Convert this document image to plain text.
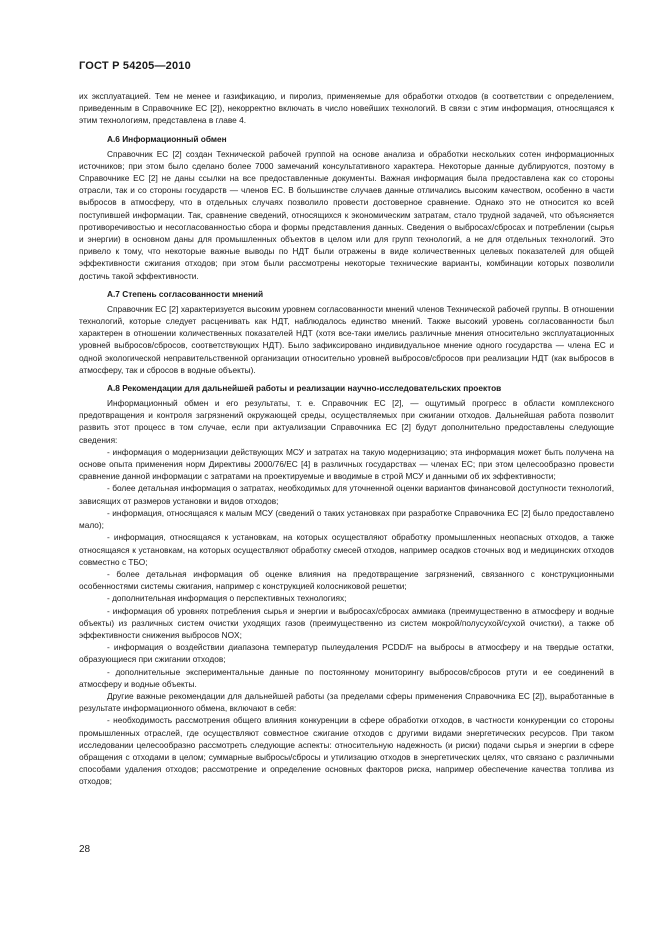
ГОСТ Р 54205—2010

их эксплуатацией. Тем не менее и газификацию, и пиролиз, применяемые для обработки отходов (в соответствии с определением, приведенным в Справочнике ЕС [2]), некорректно включать в число новейших технологий. В связи с этим информация, относящаяся к этим технологиям, представлена в главе 4.

А.6 Информационный обмен

Справочник ЕС [2] создан Технической рабочей группой на основе анализа и обработки нескольких сотен информационных источников; при этом было сделано более 7000 замечаний консультативного характера. Некоторые данные дублируются, поэтому в Справочнике ЕС [2] не даны ссылки на все предоставленные документы. Важная информация была предоставлена как со стороны отрасли, так и со стороны государств — членов ЕС. В большинстве случаев данные отличались высоким качеством, особенно в части выбросов в атмосферу, что в отдельных случаях позволило провести достоверное сравнение. Однако это не относится ко всей поступившей информации. Так, сравнение сведений, относящихся к экономическим затратам, стало трудной задачей, что объясняется противоречивостью и несогласованностью сбора и формы представления данных. Сведения о выбросах/сбросах и потреблении (сырья и энергии) в основном даны для промышленных объектов в целом или для групп технологий, а не для отдельных технологий. Это привело к тому, что некоторые важные выводы по НДТ были отражены в виде количественных целевых показателей для общей эффективности сжигания отходов; при этом были рассмотрены некоторые технические варианты, комбинации которых позволили достичь такой эффективности.

А.7 Степень согласованности мнений

Справочник ЕС [2] характеризуется высоким уровнем согласованности мнений членов Технической рабочей группы. В отношении технологий, которые следует расценивать как НДТ, наблюдалось единство мнений. Также высокий уровень согласованности был характерен в отношении количественных показателей НДТ (хотя все-таки имелись различные мнения относительно эксплуатационных уровней выбросов/сбросов, соответствующих НДТ). Было зафиксировано индивидуальное мнение одного государства — члена ЕС и одной экологической неправительственной организации относительно уровней выбросов/сбросов при реализации НДТ (как выбросов в атмосферу, так и сбросов в водные объекты).

А.8 Рекомендации для дальнейшей работы и реализации научно-исследовательских проектов

Информационный обмен и его результаты, т. е. Справочник ЕС [2], — ощутимый прогресс в области комплексного предотвращения и контроля загрязнений окружающей среды, осуществляемых при сжигании отходов. Дальнейшая работа позволит развить этот процесс в том случае, если при актуализации Справочника ЕС [2] будут дополнительно предоставлены следующие сведения:

- информация о модернизации действующих МСУ и затратах на такую модернизацию; эта информация может быть получена на основе опыта применения норм Директивы 2000/76/ЕС [4] в различных государствах — членах ЕС; при этом целесообразно провести сравнение данной информации с затратами на проектируемые и вводимые в строй МСУ и данными об их эффективности;

- более детальная информация о затратах, необходимых для уточненной оценки вариантов финансовой доступности технологий, зависящих от размеров установки и видов отходов;

- информация, относящаяся к малым МСУ (сведений о таких установках при разработке Справочника ЕС [2] было предоставлено мало);

- информация, относящаяся к установкам, на которых осуществляют обработку промышленных неопасных отходов, а также относящаяся к установкам, на которых осуществляют обработку смесей отходов, например осадков сточных вод и медицинских отходов совместно с ТБО;

- более детальная информация об оценке влияния на предотвращение загрязнений, связанного с конструкционными особенностями системы сжигания, например с конструкцией колосниковой решетки;

- дополнительная информация о перспективных технологиях;

- информация об уровнях потребления сырья и энергии и выбросах/сбросах аммиака (преимущественно в атмосферу и водные объекты) из различных систем очистки уходящих газов (преимущественно из систем мокрой/полусухой/сухой очистки), а также об эффективности снижения выбросов NOX;

- информация о воздействии диапазона температур пылеудаления PCDD/F на выбросы в атмосферу и на твердые остатки, образующиеся при сжигании отходов;

- дополнительные экспериментальные данные по постоянному мониторингу выбросов/сбросов ртути и ее соединений в атмосферу и водные объекты.

Другие важные рекомендации для дальнейшей работы (за пределами сферы применения Справочника ЕС [2]), выработанные в результате информационного обмена, включают в себя:

- необходимость рассмотрения общего влияния конкуренции в сфере обработки отходов, в частности конкуренции со стороны промышленных отраслей, где осуществляют совместное сжигание отходов с другими видами энергетических ресурсов. При таком исследовании целесообразно рассмотреть следующие аспекты: относительную надежность (и риски) подачи сырья и энергии в сфере обращения с отходами в целом; суммарные выбросы/сбросы и утилизацию отходов в энергетических целях, что связано с различными способами удаления отходов; рассмотрение и определение основных факторов риска, например обеспечение качества топлива из отходов;

28
